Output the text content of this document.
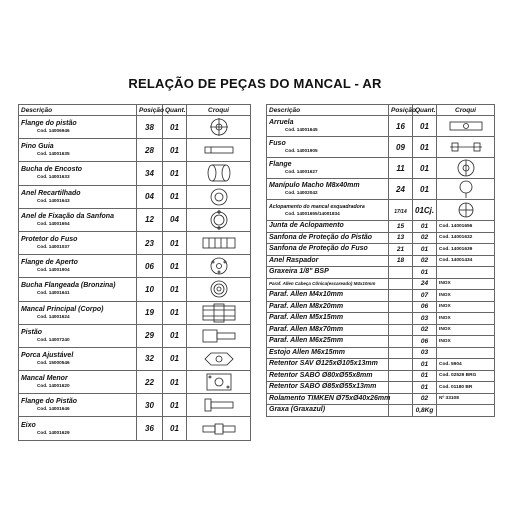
RELAÇÃO DE PEÇAS DO MANCAL - AR
Descrição	Posição	Quant.	Croqui

Flange do pistão
Cod. 14006946	38	01	

Pino Guia
Cod. 14001635	28	01	

Bucha de Encosto
Cod. 14001633	34	01	

Anel Recartilhado
Cod. 14001643	04	01	

Anel de Fixação da Sanfona
Cod. 14001654	12	04	

Protetor do Fuso
Cod. 14001037	23	01	

Flange de Aperto
Cod. 14001904	06	01	

Bucha Flangeada (Bronzina)
Cod. 14001641	10	01	

Mancal Principal (Corpo)
Cod. 14001624	19	01	

Pistão
Cod. 14007240	29	01	

Porca Ajustável
Cod. 15000546	32	01	

Mancal Menor
Cod. 14001620	22	01	

Flange do Pistão
Cod. 14001646	30	01	

Eixo
Cod. 14001629	36	01	
Descrição	Posição	Quant.	Croqui

Arruela
Cod. 14001645	16	01	

Fuso
Cod. 14001905	09	01	

Flange
Cod. 14001627	11	01	

Manípulo Macho M8x40mm
Cod. 14002042	24	01	

Aclopamento do mancal esquadradora
Cod. 14001655/14001834	17/14	01Cj.	

Junta de Aclopamento	15	01	Cod. 14001656

Sanfona de Proteção do Pistão	13	02	Cod. 14001632

Sanfona de Proteção do Fuso	21	01	Cod. 14001639

Anel Raspador	18	02	Cod. 14001434

Graxeira 1/8" BSP		01	

Paraf. Allen Cabeça Cônica(escareado) M4x10mm		24	INOX

Paraf. Allen M4x10mm		07	INOX

Paraf. Allen M8x20mm		06	INOX

Paraf. Allen M5x15mm		03	INOX

Paraf. Allen M8x70mm		02	INOX

Paraf. Allen M6x25mm		06	INOX

Estojo Allen M6x15mm		03	

Retentor SAV Ø125xØ105x13mm		01	Cod. 5904

Retentor SABÓ Ø80xØ55x8mm		01	Cod. 02529 BRG

Retentor SABÓ Ø85xØ55x13mm		01	Cod. 01180 BR

Rolamento TIMKEN Ø75xØ40x26mm		02	Nº 33108

Graxa (Graxazul)		0,8Kg	
